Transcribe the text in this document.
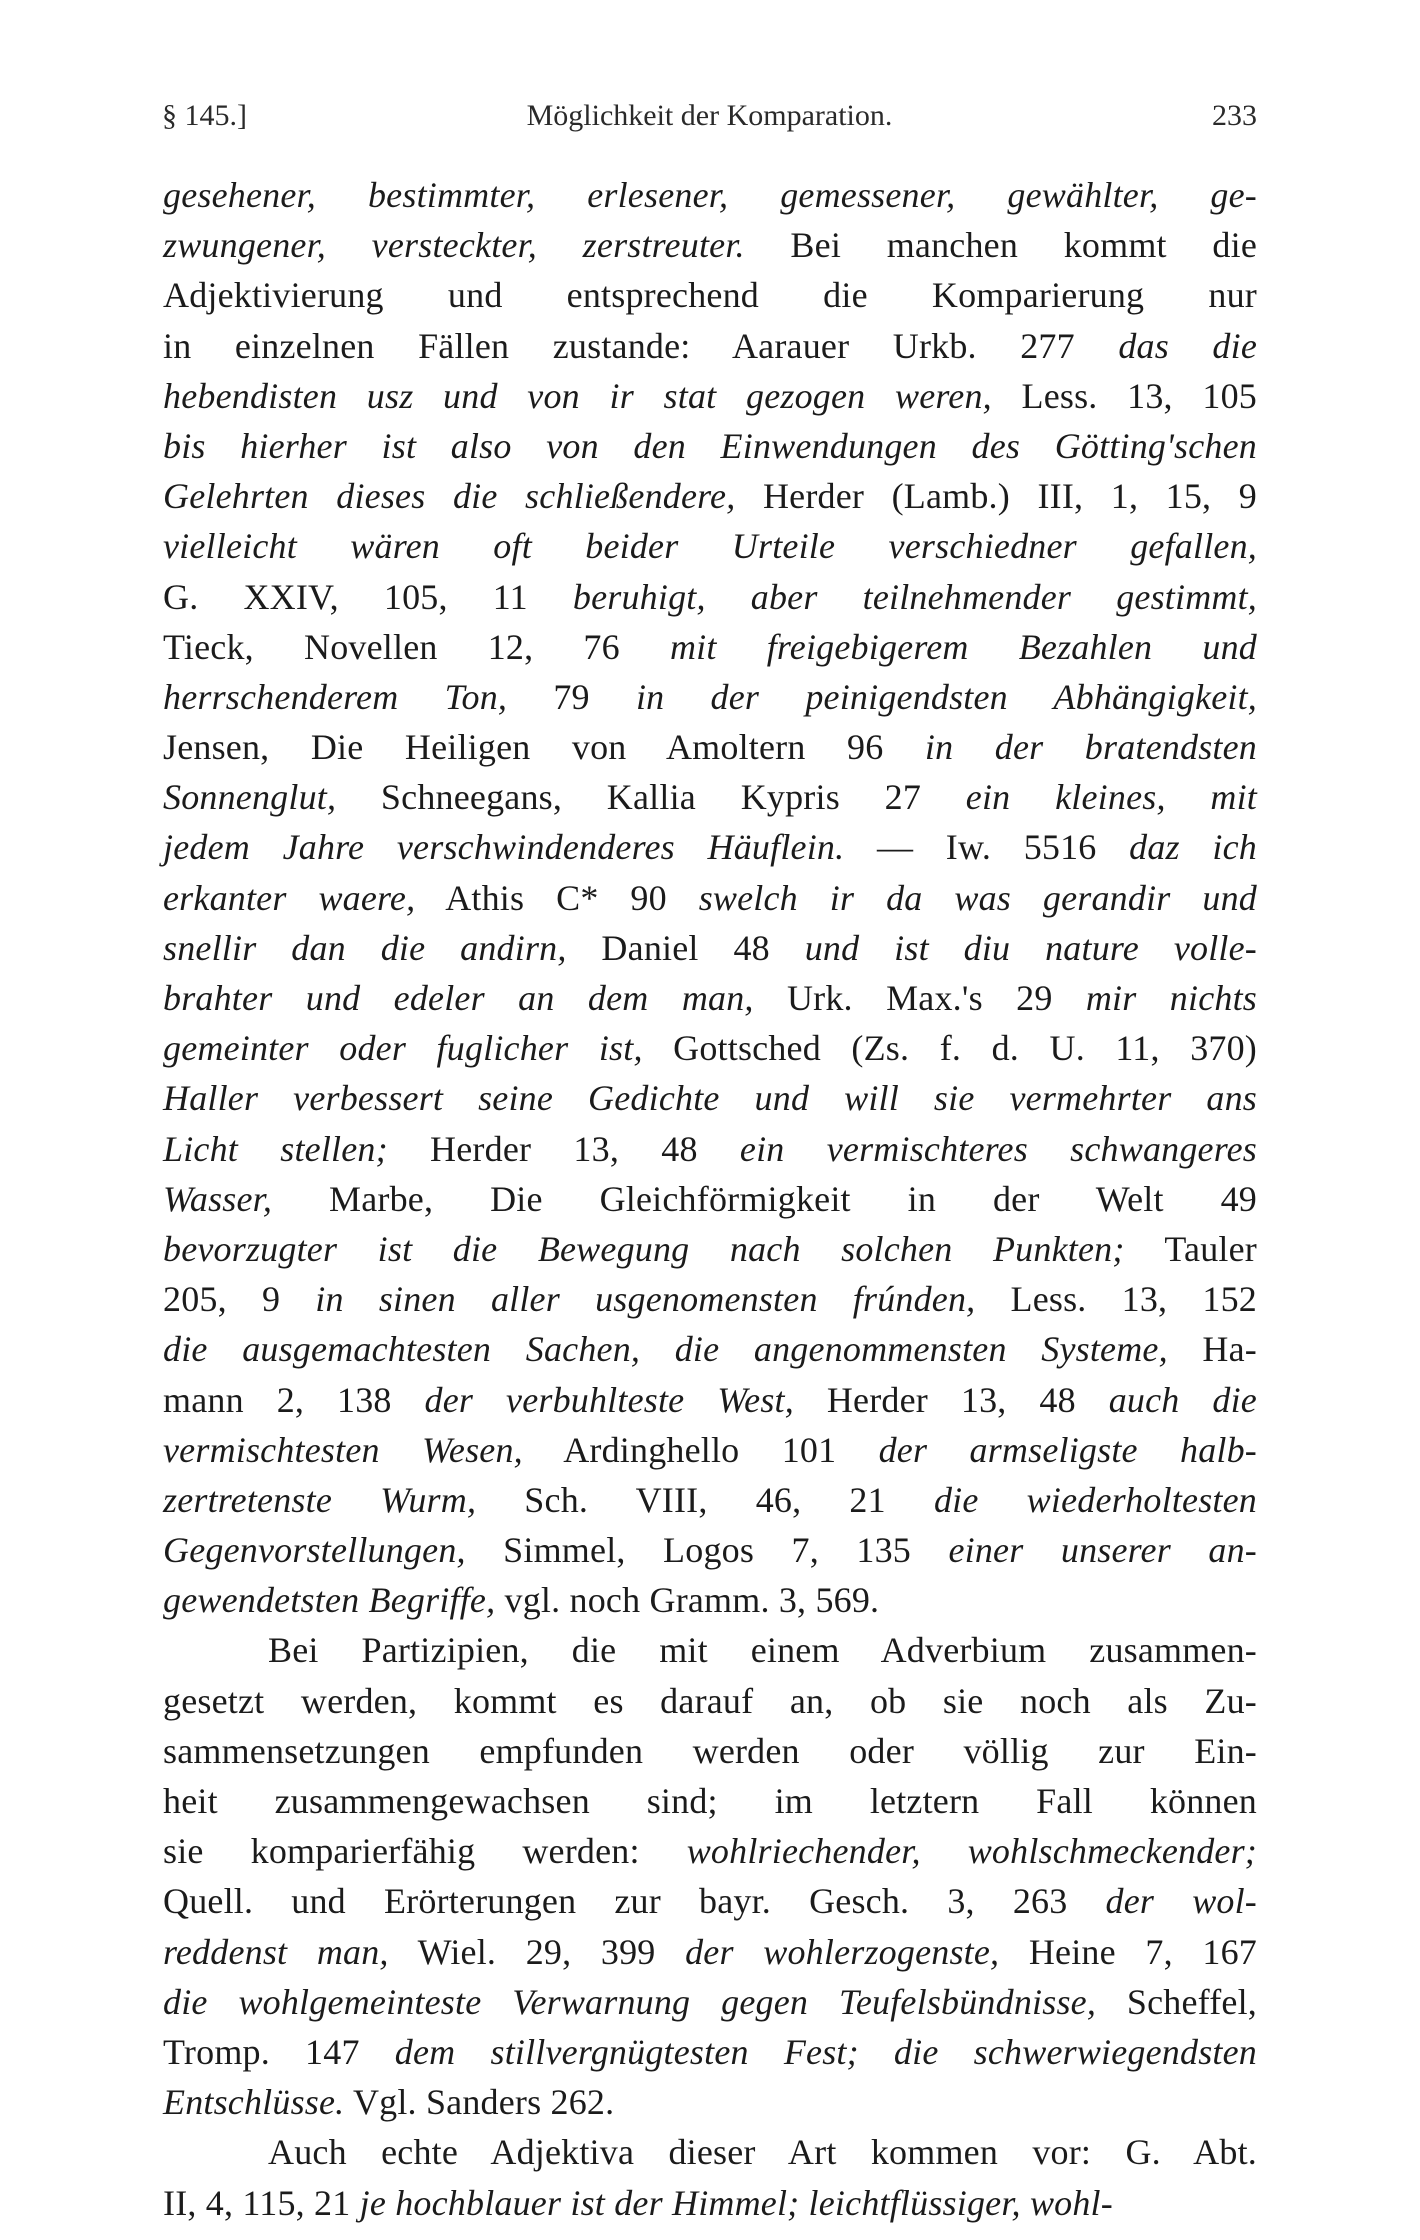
§ 145.]	Möglichkeit der Komparation.	233
gesehener, bestimmter, erlesener, gemessener, gewählter, ge-
zwungener, versteckter, zerstreuter. Bei manchen kommt die
Adjektivierung und entsprechend die Komparierung nur
in einzelnen Fällen zustande: Aarauer Urkb. 277 das die
hebendisten usz und von ir stat gezogen weren, Less. 13, 105
bis hierher ist also von den Einwendungen des Götting'schen
Gelehrten dieses die schließendere, Herder (Lamb.) III, 1, 15, 9
vielleicht wären oft beider Urteile verschiedner gefallen,
G. XXIV, 105, 11 beruhigt, aber teilnehmender gestimmt,
Tieck, Novellen 12, 76 mit freigebigerem Bezahlen und
herrschenderem Ton, 79 in der peinigendsten Abhängigkeit,
Jensen, Die Heiligen von Amoltern 96 in der bratendsten
Sonnenglut, Schneegans, Kallia Kypris 27 ein kleines, mit
jedem Jahre verschwindenderes Häuflein. — Iw. 5516 daz ich
erkanter waere, Athis C* 90 swelch ir da was gerandir und
snellir dan die andirn, Daniel 48 und ist diu nature volle-
brahter und edeler an dem man, Urk. Max.'s 29 mir nichts
gemeinter oder fuglicher ist, Gottsched (Zs. f. d. U. 11, 370)
Haller verbessert seine Gedichte und will sie vermehrter ans
Licht stellen; Herder 13, 48 ein vermischteres schwangeres
Wasser, Marbe, Die Gleichförmigkeit in der Welt 49
bevorzugter ist die Bewegung nach solchen Punkten; Tauler
205, 9 in sinen aller usgenomensten frúnden, Less. 13, 152
die ausgemachtesten Sachen, die angenommensten Systeme, Ha-
mann 2, 138 der verbuhlteste West, Herder 13, 48 auch die
vermischtesten Wesen, Ardinghello 101 der armseligste halb-
zertretenste Wurm, Sch. VIII, 46, 21 die wiederholtesten
Gegenvorstellungen, Simmel, Logos 7, 135 einer unserer an-
gewendetsten Begriffe, vgl. noch Gramm. 3, 569.
Bei Partizipien, die mit einem Adverbium zusammen-
gesetzt werden, kommt es darauf an, ob sie noch als Zu-
sammensetzungen empfunden werden oder völlig zur Ein-
heit zusammengewachsen sind; im letztern Fall können
sie komparierfähig werden: wohlriechender, wohlschmeckender;
Quell. und Erörterungen zur bayr. Gesch. 3, 263 der wol-
reddenst man, Wiel. 29, 399 der wohlerzogenste, Heine 7, 167
die wohlgemeinteste Verwarnung gegen Teufelsbündnisse, Scheffel,
Tromp. 147 dem stillvergnügtesten Fest; die schwerwiegendsten
Entschlüsse. Vgl. Sanders 262.
Auch echte Adjektiva dieser Art kommen vor: G. Abt.
II, 4, 115, 21 je hochblauer ist der Himmel; leichtflüssiger, wohl-
